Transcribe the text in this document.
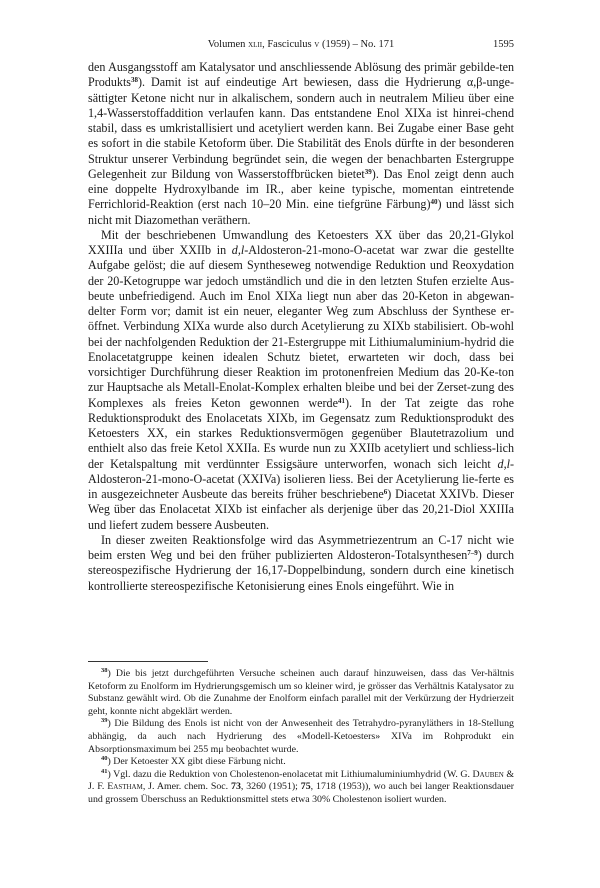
Volumen xlii, Fasciculus v (1959) – No. 171	1595

den Ausgangsstoff am Katalysator und anschliessende Ablösung des primär gebilde-ten Produkts$^{38}$). Damit ist auf eindeutige Art bewiesen, dass die Hydrierung α,β-unge-sättigter Ketone nicht nur in alkalischem, sondern auch in neutralem Milieu über eine 1,4-Wasserstoffaddition verlaufen kann. Das entstandene Enol XIXa ist hinrei-chend stabil, dass es umkristallisiert und acetyliert werden kann. Bei Zugabe einer Base geht es sofort in die stabile Ketoform über. Die Stabilität des Enols dürfte in der besonderen Struktur unserer Verbindung begründet sein, die wegen der benachbarten Estergruppe Gelegenheit zur Bildung von Wasserstoffbrücken bietet$^{39}$). Das Enol zeigt denn auch eine doppelte Hydroxylbande im IR., aber keine typische, momentan eintretende Ferrichlorid-Reaktion (erst nach 10–20 Min. eine tiefgrüne Färbung)$^{40}$) und lässt sich nicht mit Diazomethan veräthern.

Mit der beschriebenen Umwandlung des Ketoesters XX über das 20,21-Glykol XXIIIa und über XXIIb in d,l-Aldosteron-21-mono-O-acetat war zwar die gestellte Aufgabe gelöst; die auf diesem Syntheseweg notwendige Reduktion und Reoxydation der 20-Ketogruppe war jedoch umständlich und die in den letzten Stufen erzielte Aus-beute unbefriedigend. Auch im Enol XIXa liegt nun aber das 20-Keton in abgewan-delter Form vor; damit ist ein neuer, eleganter Weg zum Abschluss der Synthese er-öffnet. Verbindung XIXa wurde also durch Acetylierung zu XIXb stabilisiert. Ob-wohl bei der nachfolgenden Reduktion der 21-Estergruppe mit Lithiumaluminium-hydrid die Enolacetatgruppe keinen idealen Schutz bietet, erwarteten wir doch, dass bei vorsichtiger Durchführung dieser Reaktion im protonenfreien Medium das 20-Ke-ton zur Hauptsache als Metall-Enolat-Komplex erhalten bleibe und bei der Zerset-zung des Komplexes als freies Keton gewonnen werde$^{41}$). In der Tat zeigte das rohe Reduktionsprodukt des Enolacetats XIXb, im Gegensatz zum Reduktionsprodukt des Ketoesters XX, ein starkes Reduktionsvermögen gegenüber Blautetrazolium und enthielt also das freie Ketol XXIIa. Es wurde nun zu XXIIb acetyliert und schliess-lich der Ketalspaltung mit verdünnter Essigsäure unterworfen, wonach sich leicht d,l-Aldosteron-21-mono-O-acetat (XXIVa) isolieren liess. Bei der Acetylierung lie-ferte es in ausgezeichneter Ausbeute das bereits früher beschriebene$^6$) Diacetat XXIVb. Dieser Weg über das Enolacetat XIXb ist einfacher als derjenige über das 20,21-Diol XXIIIa und liefert zudem bessere Ausbeuten.

In dieser zweiten Reaktionsfolge wird das Asymmetriezentrum an C-17 nicht wie beim ersten Weg und bei den früher publizierten Aldosteron-Totalsynthesen$^{7-9}$) durch stereospezifische Hydrierung der 16,17-Doppelbindung, sondern durch eine kinetisch kontrollierte stereospezifische Ketonisierung eines Enols eingeführt. Wie in

$^{38}$) Die bis jetzt durchgeführten Versuche scheinen auch darauf hinzuweisen, dass das Ver-hältnis Ketoform zu Enolform im Hydrierungsgemisch um so kleiner wird, je grösser das Verhältnis Katalysator zu Substanz gewählt wird. Ob die Zunahme der Enolform einfach parallel mit der Verkürzung der Hydrierzeit geht, konnte nicht abgeklärt werden.

$^{39}$) Die Bildung des Enols ist nicht von der Anwesenheit des Tetrahydro-pyranyläthers in 18-Stellung abhängig, da auch nach Hydrierung des «Modell-Ketoesters» XIVa im Rohprodukt ein Absorptionsmaximum bei 255 mμ beobachtet wurde.

$^{40}$) Der Ketoester XX gibt diese Färbung nicht.

$^{41}$) Vgl. dazu die Reduktion von Cholestenon-enolacetat mit Lithiumaluminiumhydrid (W. G. Dauben & J. F. Eastham, J. Amer. chem. Soc. 73, 3260 (1951); 75, 1718 (1953)), wo auch bei langer Reaktionsdauer und grossem Überschuss an Reduktionsmittel stets etwa 30% Cholestenon isoliert wurden.
